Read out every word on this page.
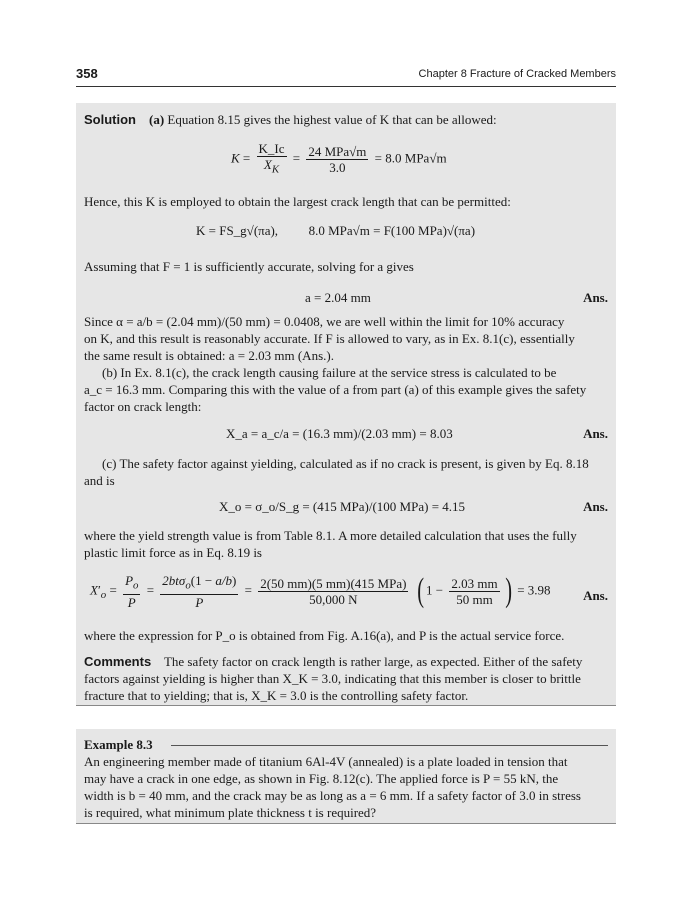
358	Chapter 8 Fracture of Cracked Members
Solution (a) Equation 8.15 gives the highest value of K that can be allowed:
$K = \frac{K\_Ic}{X_K} = \frac{\text{24 MPa√m}}{3.0} = 8.0$ MPa√m
Hence, this K is employed to obtain the largest crack length that can be permitted:
K = FS_g√(πa), 8.0 MPa√m = F(100 MPa)√(πa)
Assuming that F = 1 is sufficiently accurate, solving for a gives
a = 2.04 mm	Ans.
Since α = a/b = (2.04 mm)/(50 mm) = 0.0408, we are well within the limit for 10% accuracy
on K, and this result is reasonably accurate. If F is allowed to vary, as in Ex. 8.1(c), essentially
the same result is obtained: a = 2.03 mm (Ans.).
(b) In Ex. 8.1(c), the crack length causing failure at the service stress is calculated to be
a_c = 16.3 mm. Comparing this with the value of a from part (a) of this example gives the safety
factor on crack length:
X_a = a_c/a = (16.3 mm)/(2.03 mm) = 8.03	Ans.
(c) The safety factor against yielding, calculated as if no crack is present, is given by Eq. 8.18
and is
X_o = σ_o/S_g = (415 MPa)/(100 MPa) = 4.15	Ans.
where the yield strength value is from Table 8.1. A more detailed calculation that uses the fully
plastic limit force as in Eq. 8.19 is
$X'_o = \frac{P_o}{P} = \frac{2bt\sigma_o(1 - a/b)}{P} = \frac{\text{2(50 mm)(5 mm)(415 MPa)}}{50,000 N}$ ( $1 - \frac{2.03 mm}{50 mm}$ ) = 3.98	Ans.
where the expression for P_o is obtained from Fig. A.16(a), and P is the actual service force.
Comments The safety factor on crack length is rather large, as expected. Either of the safety
factors against yielding is higher than X_K = 3.0, indicating that this member is closer to brittle
fracture that to yielding; that is, X_K = 3.0 is the controlling safety factor.
Example 8.3
An engineering member made of titanium 6Al-4V (annealed) is a plate loaded in tension that
may have a crack in one edge, as shown in Fig. 8.12(c). The applied force is P = 55 kN, the
width is b = 40 mm, and the crack may be as long as a = 6 mm. If a safety factor of 3.0 in stress
is required, what minimum plate thickness t is required?
